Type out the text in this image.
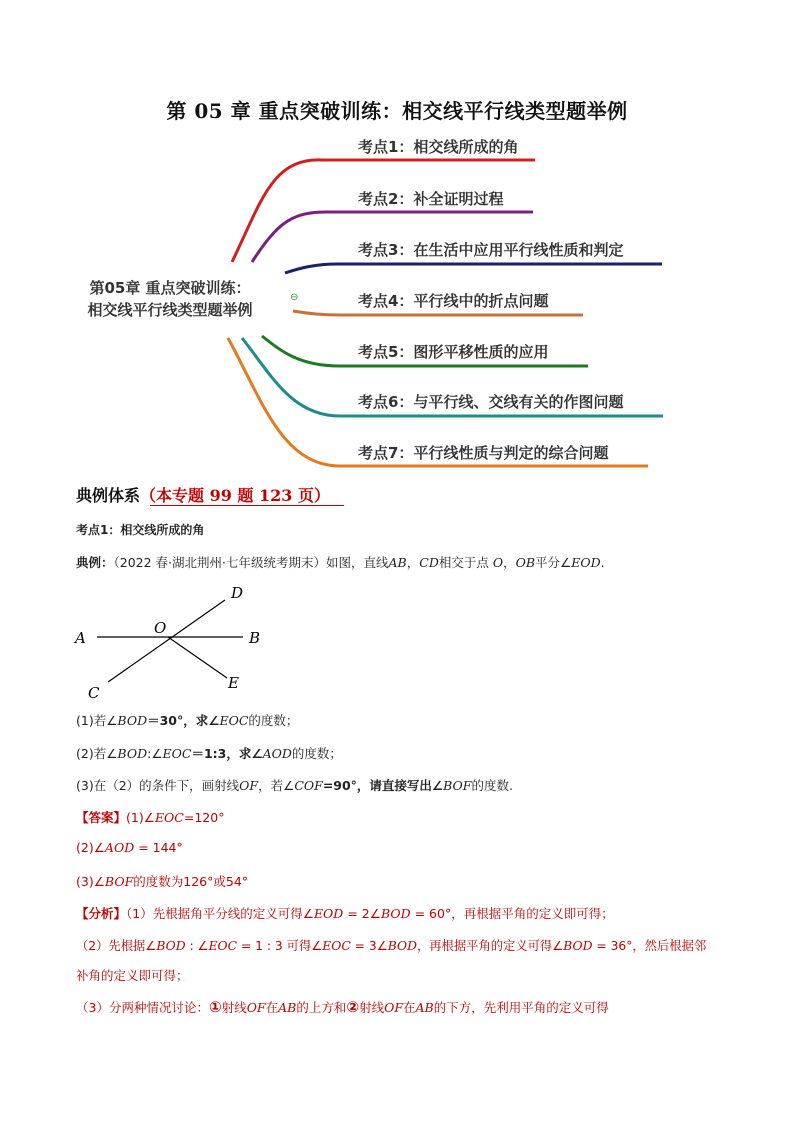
第 05 章 重点突破训练：相交线平行线类型题举例
第05章 重点突破训练：
相交线平行线类型题举例
⊖
考点1：相交线所成的角
考点2：补全证明过程
考点3：在生活中应用平行线性质和判定
考点4：平行线中的折点问题
考点5：图形平移性质的应用
考点6：与平行线、交线有关的作图问题
考点7：平行线性质与判定的综合问题
典例体系（本专题 99 题 123 页）
考点1：相交线所成的角
典例：（2022 春·湖北荆州·七年级统考期末）如图，直线AB，CD相交于点 O，OB平分∠EOD.
A
O
B
D
C
E
(1)若∠BOD＝30°，求∠EOC的度数；
(2)若∠BOD:∠EOC＝1:3，求∠AOD的度数；
(3)在（2）的条件下，画射线OF，若∠COF=90°，请直接写出∠BOF的度数.
【答案】(1)∠EOC=120°
(2)∠AOD = 144°
(3)∠BOF的度数为126°或54°
【分析】（1）先根据角平分线的定义可得∠EOD = 2∠BOD = 60°，再根据平角的定义即可得；
（2）先根据∠BOD : ∠EOC = 1 : 3 可得∠EOC = 3∠BOD，再根据平角的定义可得∠BOD = 36°，然后根据邻
补角的定义即可得；
（3）分两种情况讨论：①射线OF在AB的上方和②射线OF在AB的下方，先利用平角的定义可得
